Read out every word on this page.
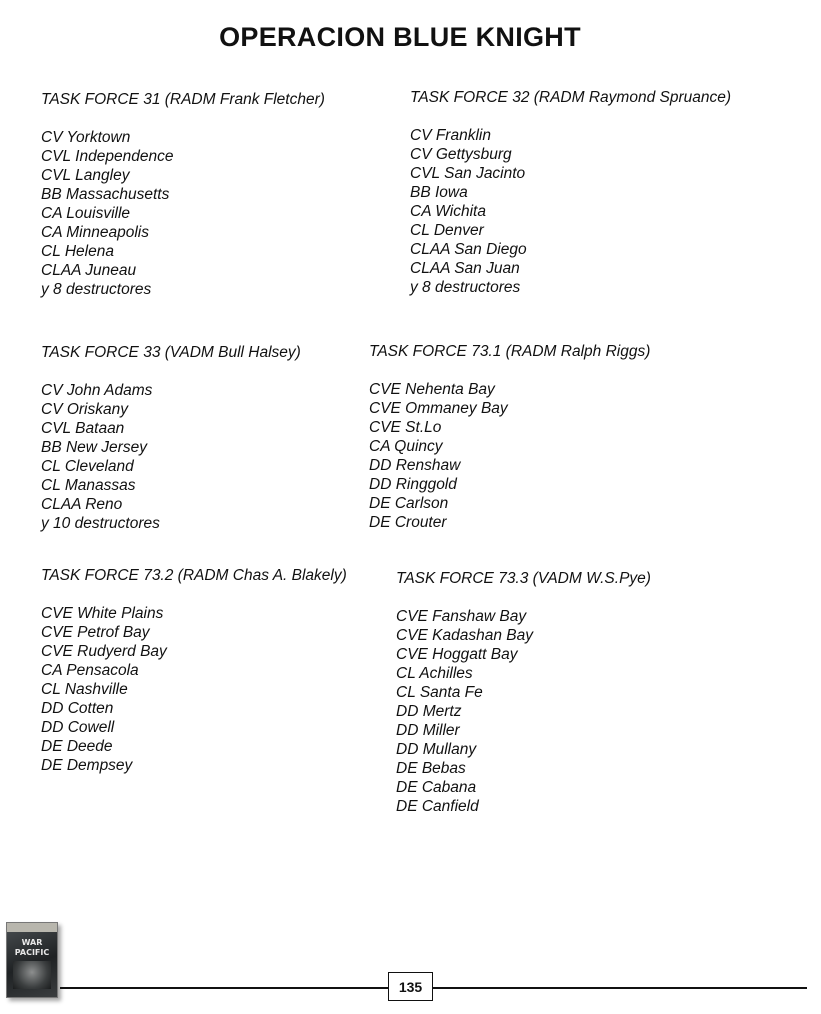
OPERACION BLUE KNIGHT
TASK FORCE 31 (RADM Frank Fletcher)
CV Yorktown
CVL Independence
CVL Langley
BB Massachusetts
CA Louisville
CA Minneapolis
CL Helena
CLAA Juneau
y 8 destructores
TASK FORCE 32 (RADM Raymond Spruance)
CV Franklin
CV Gettysburg
CVL San Jacinto
BB Iowa
CA Wichita
CL Denver
CLAA San Diego
CLAA San Juan
y 8 destructores
TASK FORCE 33 (VADM Bull Halsey)
CV John Adams
CV Oriskany
CVL Bataan
BB New Jersey
CL Cleveland
CL Manassas
CLAA Reno
y 10 destructores
TASK FORCE 73.1 (RADM Ralph Riggs)
CVE Nehenta Bay
CVE Ommaney Bay
CVE St.Lo
CA Quincy
DD Renshaw
DD Ringgold
DE Carlson
DE Crouter
TASK FORCE 73.2 (RADM Chas A. Blakely)
CVE White Plains
CVE Petrof Bay
CVE Rudyerd Bay
CA Pensacola
CL Nashville
DD Cotten
DD Cowell
DE Deede
DE Dempsey
TASK FORCE 73.3 (VADM W.S.Pye)
CVE Fanshaw Bay
CVE Kadashan Bay
CVE Hoggatt Bay
CL Achilles
CL Santa Fe
DD Mertz
DD Miller
DD Mullany
DE Bebas
DE Cabana
DE Canfield
WAR
PACIFIC
135
